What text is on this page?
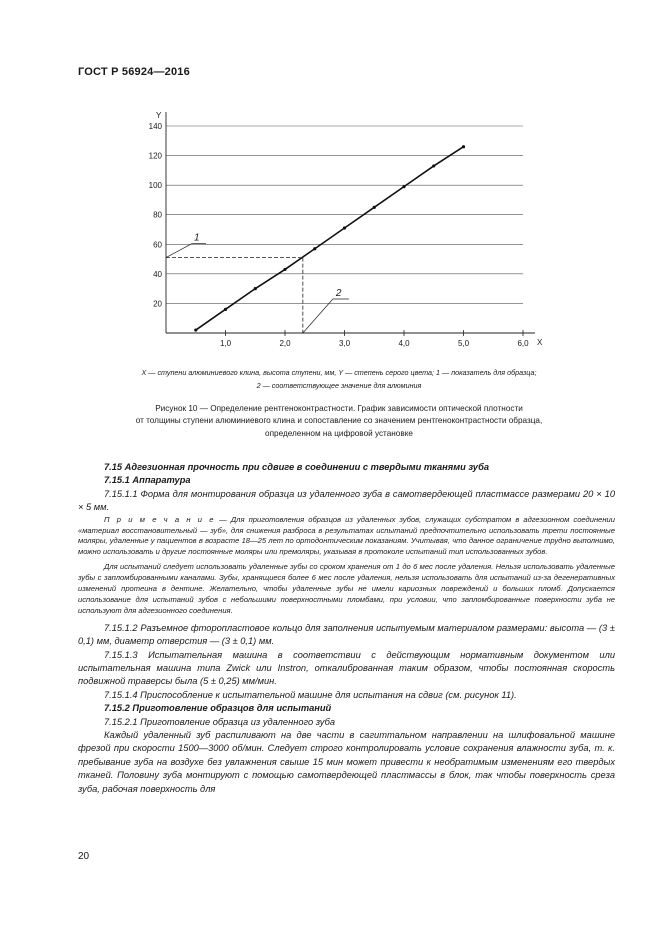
ГОСТ Р 56924—2016
20
40
60
80
100
120
140
Y
X
1,0	2,0	3,0	4,0	5,0	6,0
1
2
X — ступени алюминиевого клина, высота ступени, мм, Y — степень серого цвета; 1 — показатель для образца;
2 — соответствующее значение для алюминия
Рисунок 10 — Определение рентгеноконтрастности. График зависимости оптической плотности
от толщины ступени алюминиевого клина и сопоставление со значением рентгеноконтрастности образца,
определенном на цифровой установке

7.15 Адгезионная прочность при сдвиге в соединении с твердыми тканями зуба

7.15.1 Аппаратура

7.15.1.1 Форма для монтирования образца из удаленного зуба в самотвердеющей пластмассе размерами 20 × 10 × 5 мм.

П р и м е ч а н и е — Для приготовления образцов из удаленных зубов, служащих субстратом в адгезионном соединении «материал восстановительный — зуб», для снижения разброса в результатах испытаний предпочтительно использовать трети постоянные моляры, удаленные у пациентов в возрасте 18—25 лет по ортодонтическим показаниям. Учитывая, что данное ограничение трудно выполнимо, можно использовать и другие постоянные моляры или премоляры, указывая в протоколе испытаний тип использованных зубов.

Для испытаний следует использовать удаленные зубы со сроком хранения от 1 до 6 мес после удаления. Нельзя использовать удаленные зубы с запломбированными каналами. Зубы, хранящиеся более 6 мес после удаления, нельзя использовать для испытаний из-за дегенеративных изменений протеина в дентине. Желательно, чтобы удаленные зубы не имели кариозных повреждений и больших пломб. Допускается использование для испытаний зубов с небольшими поверхностными пломбами, при условии, что запломбированные поверхности зуба не используют для адгезионного соединения.

7.15.1.2 Разъемное фторопластовое кольцо для заполнения испытуемым материалом размерами: высота — (3 ± 0,1) мм, диаметр отверстия — (3 ± 0,1) мм.

7.15.1.3 Испытательная машина в соответствии с действующим нормативным документом или испытательная машина типа Zwick или Instron, откалиброванная таким образом, чтобы постоянная скорость подвижной траверсы была (5 ± 0,25) мм/мин.

7.15.1.4 Приспособление к испытательной машине для испытания на сдвиг (см. рисунок 11).

7.15.2 Приготовление образцов для испытаний

7.15.2.1 Приготовление образца из удаленного зуба

Каждый удаленный зуб распиливают на две части в сагиттальном направлении на шлифовальной машине фрезой при скорости 1500—3000 об/мин. Следует строго контролировать условие сохранения влажности зуба, т. к. пребывание зуба на воздухе без увлажнения свыше 15 мин может привести к необратимым изменениям его твердых тканей. Половину зуба монтируют с помощью самотвердеющей пластмассы в блок, так чтобы поверхность среза зуба, рабочая поверхность для

20
